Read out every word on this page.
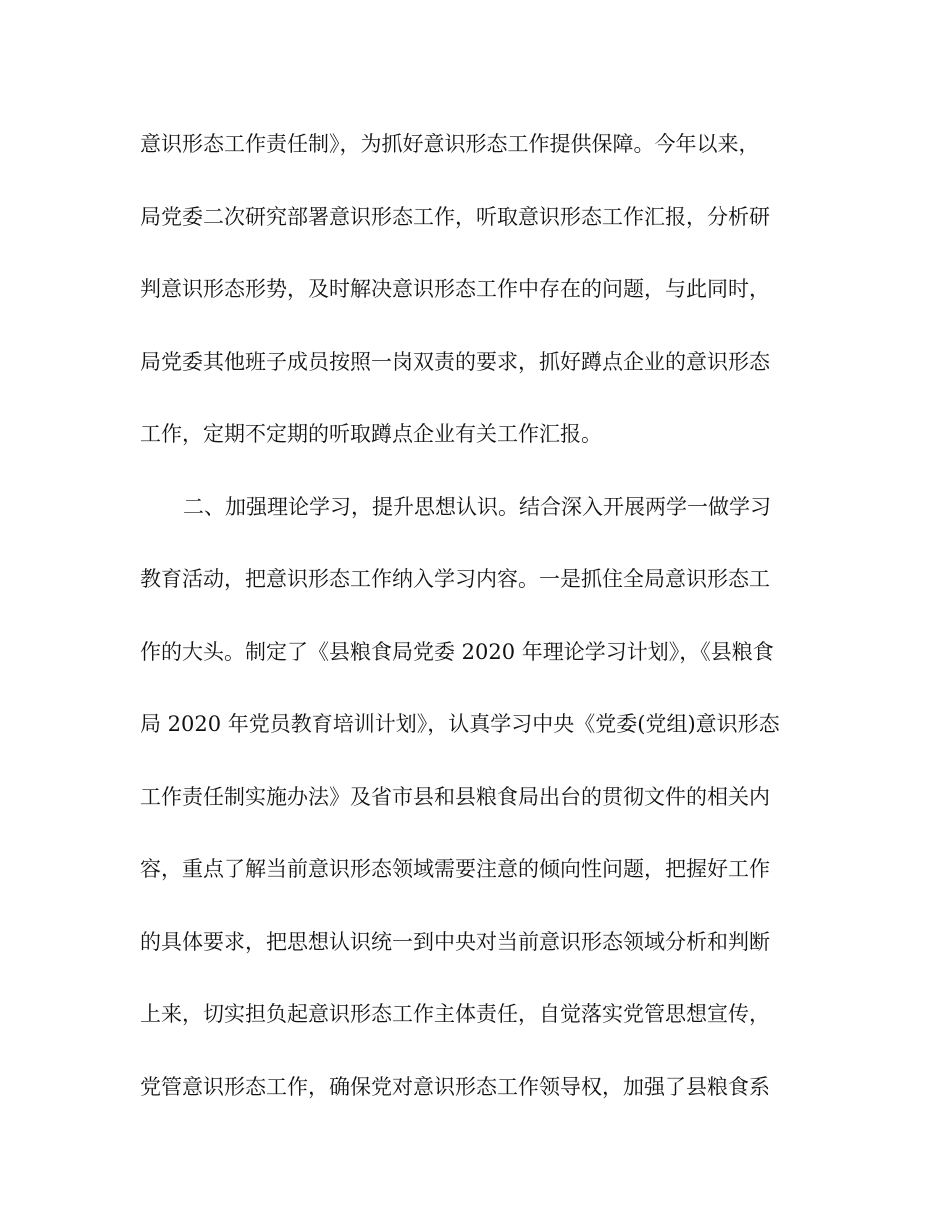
意识形态工作责任制》，为抓好意识形态工作提供保障。今年以来，
局党委二次研究部署意识形态工作，听取意识形态工作汇报，分析研
判意识形态形势，及时解决意识形态工作中存在的问题，与此同时，
局党委其他班子成员按照一岗双责的要求，抓好蹲点企业的意识形态
工作，定期不定期的听取蹲点企业有关工作汇报。
二、加强理论学习，提升思想认识。结合深入开展两学一做学习
教育活动，把意识形态工作纳入学习内容。一是抓住全局意识形态工
作的大头。制定了《县粮食局党委 2020 年理论学习计划》，《县粮食
局 2020 年党员教育培训计划》，认真学习中央《党委(党组)意识形态
工作责任制实施办法》及省市县和县粮食局出台的贯彻文件的相关内
容，重点了解当前意识形态领域需要注意的倾向性问题，把握好工作
的具体要求，把思想认识统一到中央对当前意识形态领域分析和判断
上来，切实担负起意识形态工作主体责任，自觉落实党管思想宣传，
党管意识形态工作，确保党对意识形态工作领导权，加强了县粮食系
